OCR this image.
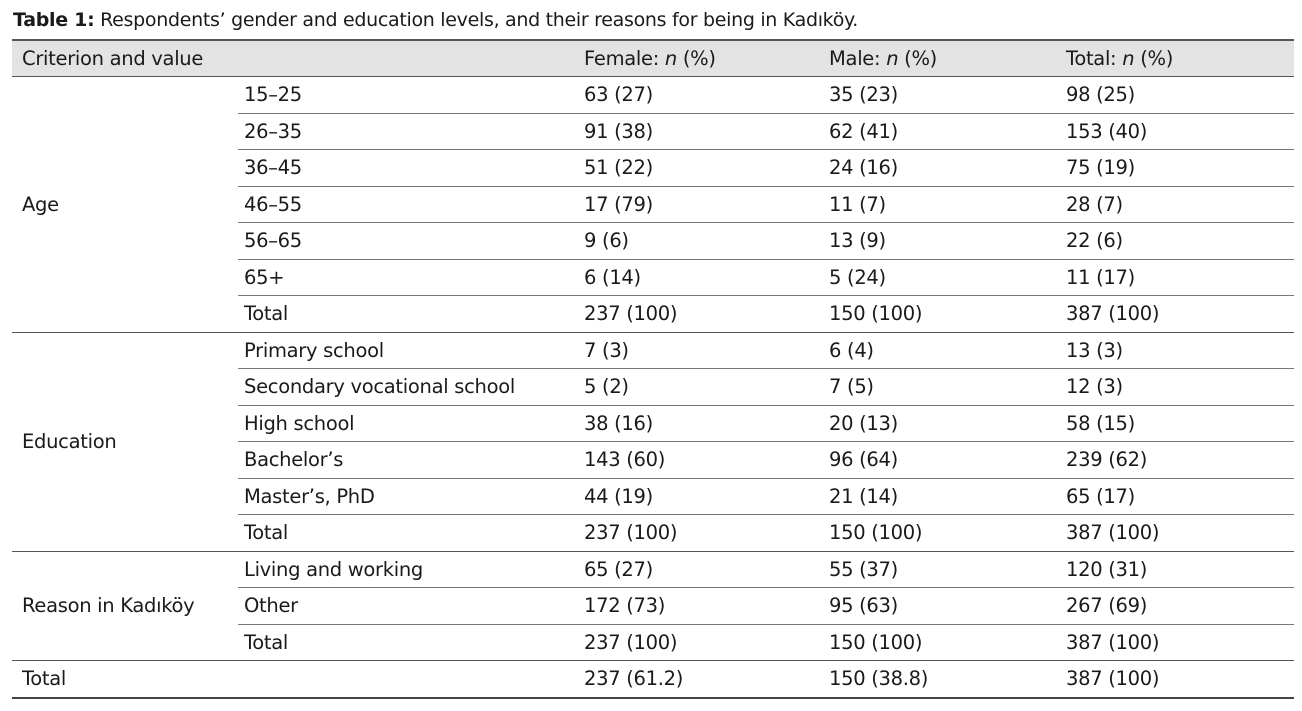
Table 1: Respondents’ gender and education levels, and their reasons for being in Kadıköy.
Criterion and value		Female: n (%)	Male: n (%)	Total: n (%)
Age	15–25	63 (27)	35 (23)	98 (25)
	26–35	91 (38)	62 (41)	153 (40)
	36–45	51 (22)	24 (16)	75 (19)
	46–55	17 (79)	11 (7)	28 (7)
	56–65	9 (6)	13 (9)	22 (6)
	65+	6 (14)	5 (24)	11 (17)
	Total	237 (100)	150 (100)	387 (100)
Education	Primary school	7 (3)	6 (4)	13 (3)
	Secondary vocational school	5 (2)	7 (5)	12 (3)
	High school	38 (16)	20 (13)	58 (15)
	Bachelor’s	143 (60)	96 (64)	239 (62)
	Master’s, PhD	44 (19)	21 (14)	65 (17)
	Total	237 (100)	150 (100)	387 (100)
Reason in Kadıköy	Living and working	65 (27)	55 (37)	120 (31)
	Other	172 (73)	95 (63)	267 (69)
	Total	237 (100)	150 (100)	387 (100)
Total		237 (61.2)	150 (38.8)	387 (100)
